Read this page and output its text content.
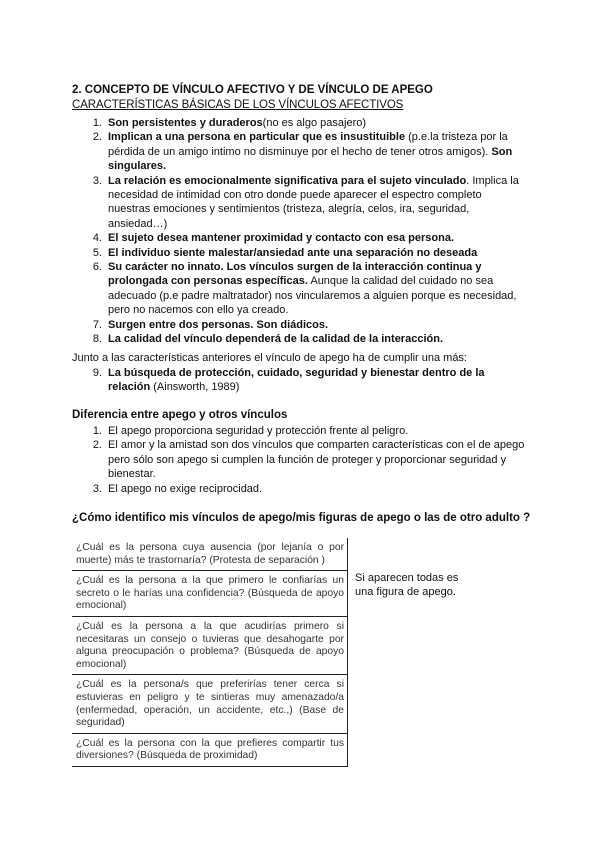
2. CONCEPTO DE VÍNCULO AFECTIVO Y DE VÍNCULO DE APEGO
CARACTERÍSTICAS BÁSICAS DE LOS VÍNCULOS AFECTIVOS

1. Son persistentes y duraderos(no es algo pasajero)

2. Implican a una persona en particular que es insustituible (p.e.la tristeza por la pérdida de un amigo intimo no disminuye por el hecho de tener otros amigos). Son singulares.

3. La relación es emocionalmente significativa para el sujeto vinculado. Implica la necesidad de intimidad con otro donde puede aparecer el espectro completo nuestras emociones y sentimientos (tristeza, alegría, celos, ira, seguridad, ansiedad…)

4. El sujeto desea mantener proximidad y contacto con esa persona.

5. El individuo siente malestar/ansiedad ante una separación no deseada

6. Su carácter no innato. Los vínculos surgen de la interacción continua y prolongada con personas específicas. Aunque la calidad del cuidado no sea adecuado (p.e padre maltratador) nos vincularemos a alguien porque es necesidad, pero no nacemos con ello ya creado.

7. Surgen entre dos personas. Son diádicos.

8. La calidad del vínculo dependerá de la calidad de la interacción.

Junto a las características anteriores el vínculo de apego ha de cumplir una más:

9. La búsqueda de protección, cuidado, seguridad y bienestar dentro de la relación (Ainsworth, 1989)

Diferencia entre apego y otros vínculos

1. El apego proporciona seguridad y protección frente al peligro.

2. El amor y la amistad son dos vínculos que comparten características con el de apego pero sólo son apego si cumplen la función de proteger y proporcionar seguridad y bienestar.

3. El apego no exige reciprocidad.

¿Cómo identifico mis vínculos de apego/mis figuras de apego o las de otro adulto ?
¿Cuál es la persona cuya ausencia (por lejanía o por muerte) más te trastornaría? (Protesta de separación )
¿Cuál es la persona a la que primero le confiarías un secreto o le harías una confidencia? (Búsqueda de apoyo emocional)
¿Cuál es la persona a la que acudirías primero si necesitaras un consejo o tuvieras que desahogarte por alguna preocupación o problema? (Búsqueda de apoyo emocional)
¿Cuál es la persona/s que preferirías tener cerca si estuvieras en peligro y te sintieras muy amenazado/a (enfermedad, operación, un accidente, etc.,) (Base de seguridad)
¿Cuál es la persona con la que prefieres compartir tus diversiones? (Búsqueda de proximidad)
Si aparecen todas es una figura de apego.
